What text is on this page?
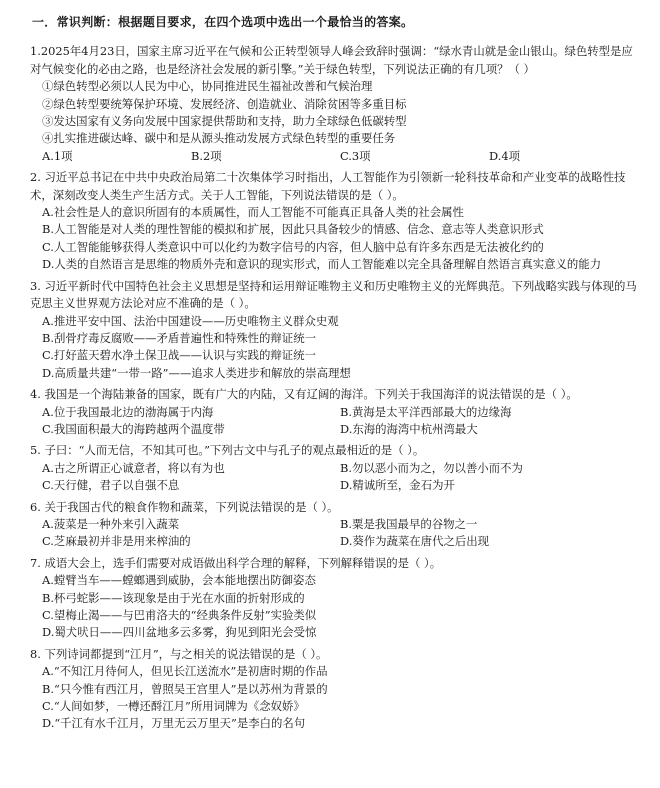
一．常识判断：根据题目要求，在四个选项中选出一个最恰当的答案。
1.2025年4月23日，国家主席习近平在气候和公正转型领导人峰会致辞时强调：“绿水青山就是金山银山。绿色转型是应对气候变化的必由之路，也是经济社会发展的新引擎。”关于绿色转型，下列说法正确的有几项？（ ）
①绿色转型必须以人民为中心，协同推进民生福祉改善和气候治理
②绿色转型要统筹保护环境、发展经济、创造就业、消除贫困等多重目标
③发达国家有义务向发展中国家提供帮助和支持，助力全球绿色低碳转型
④扎实推进碳达峰、碳中和是从源头推动发展方式绿色转型的重要任务
A.1项	B.2项	C.3项	D.4项
2. 习近平总书记在中共中央政治局第二十次集体学习时指出，人工智能作为引领新一轮科技革命和产业变革的战略性技术，深刻改变人类生产生活方式。关于人工智能，下列说法错误的是（ ）。
A.社会性是人的意识所固有的本质属性，而人工智能不可能真正具备人类的社会属性
B.人工智能是对人类的理性智能的模拟和扩展，因此只具备较少的情感、信念、意志等人类意识形式
C.人工智能能够获得人类意识中可以化约为数字信号的内容，但人脑中总有许多东西是无法被化约的
D.人类的自然语言是思维的物质外壳和意识的现实形式，而人工智能难以完全具备理解自然语言真实意义的能力
3. 习近平新时代中国特色社会主义思想是坚持和运用辩证唯物主义和历史唯物主义的光辉典范。下列战略实践与体现的马克思主义世界观方法论对应不准确的是（ ）。
A.推进平安中国、法治中国建设——历史唯物主义群众史观
B.刮骨疗毒反腐败——矛盾普遍性和特殊性的辩证统一
C.打好蓝天碧水净土保卫战——认识与实践的辩证统一
D.高质量共建“一带一路”——追求人类进步和解放的崇高理想
4. 我国是一个海陆兼备的国家，既有广大的内陆，又有辽阔的海洋。下列关于我国海洋的说法错误的是（ ）。
A.位于我国最北边的渤海属于内海	B.黄海是太平洋西部最大的边缘海
C.我国面积最大的海跨越两个温度带	D.东海的海湾中杭州湾最大
5. 子曰：“人而无信，不知其可也。”下列古文中与孔子的观点最相近的是（ ）。
A.古之所谓正心诚意者，将以有为也	B.勿以恶小而为之，勿以善小而不为
C.天行健，君子以自强不息	D.精诚所至，金石为开
6. 关于我国古代的粮食作物和蔬菜，下列说法错误的是（ ）。
A.菠菜是一种外来引入蔬菜	B.粟是我国最早的谷物之一
C.芝麻最初并非是用来榨油的	D.葵作为蔬菜在唐代之后出现
7. 成语大会上，选手们需要对成语做出科学合理的解释，下列解释错误的是（ ）。
A.螳臂当车——螳螂遇到威胁，会本能地摆出防御姿态
B.杯弓蛇影——该现象是由于光在水面的折射形成的
C.望梅止渴——与巴甫洛夫的“经典条件反射”实验类似
D.蜀犬吠日——四川盆地多云多雾，狗见到阳光会受惊
8. 下列诗词都提到“江月”，与之相关的说法错误的是（ ）。
A.“不知江月待何人，但见长江送流水”是初唐时期的作品
B.“只今惟有西江月，曾照吴王宫里人”是以苏州为背景的
C.“人间如梦，一樽还酹江月”所用词牌为《念奴娇》
D.“千江有水千江月，万里无云万里天”是李白的名句
